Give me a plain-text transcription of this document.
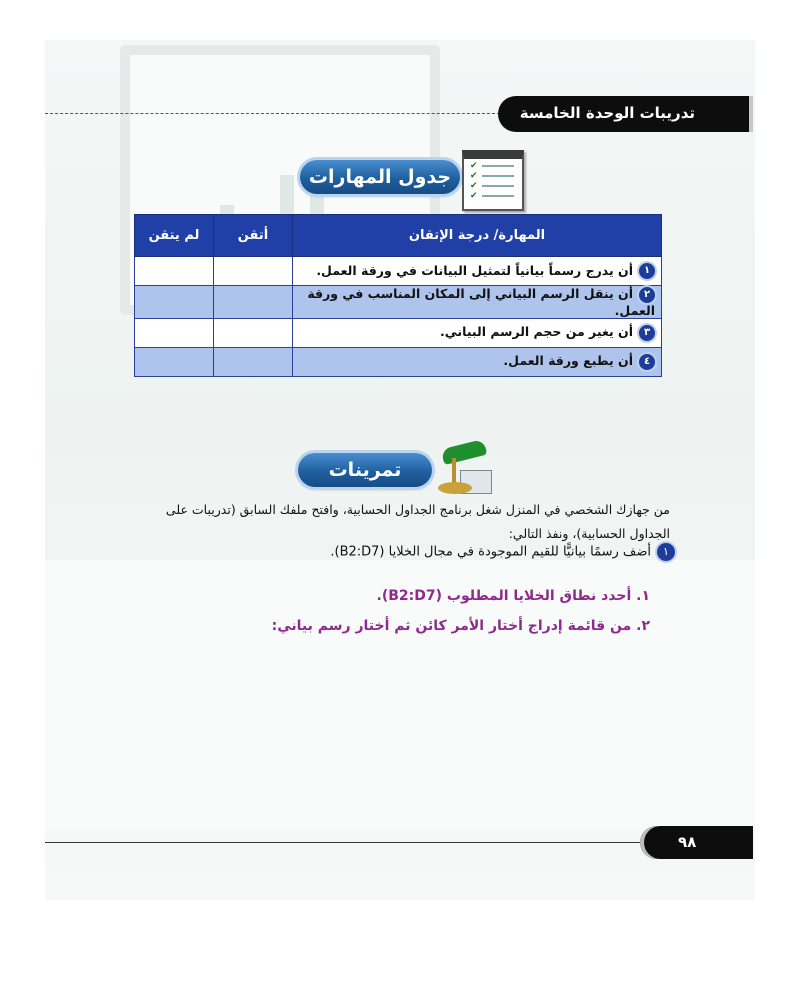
تدريبات الوحدة الخامسة
جدول المهارات	✔
✔
✔
✔
المهارة/ درجة الإتقان	أتقن	لم يتقن
١أن يدرج رسماً بيانياً لتمثيل البيانات في ورقة العمل.		
٢أن ينقل الرسم البياني إلى المكان المناسب في ورقة العمل.		
٣أن يغير من حجم الرسم البياني.		
٤أن يطبع ورقة العمل.		
تمرينات
من جهازك الشخصي في المنزل شغل برنامج الجداول الحسابية، وافتح ملفك السابق (تدريبات على الجداول الحسابية)، ونفذ التالي:
١أضف رسمًا بيانيًّا للقيم الموجودة في مجال الخلايا (B2:D7).
١. أحدد نطاق الخلايا المطلوب (B2:D7).
٢. من قائمة إدراج أختار الأمر كائن ثم أختار رسم بياني:
٩٨
